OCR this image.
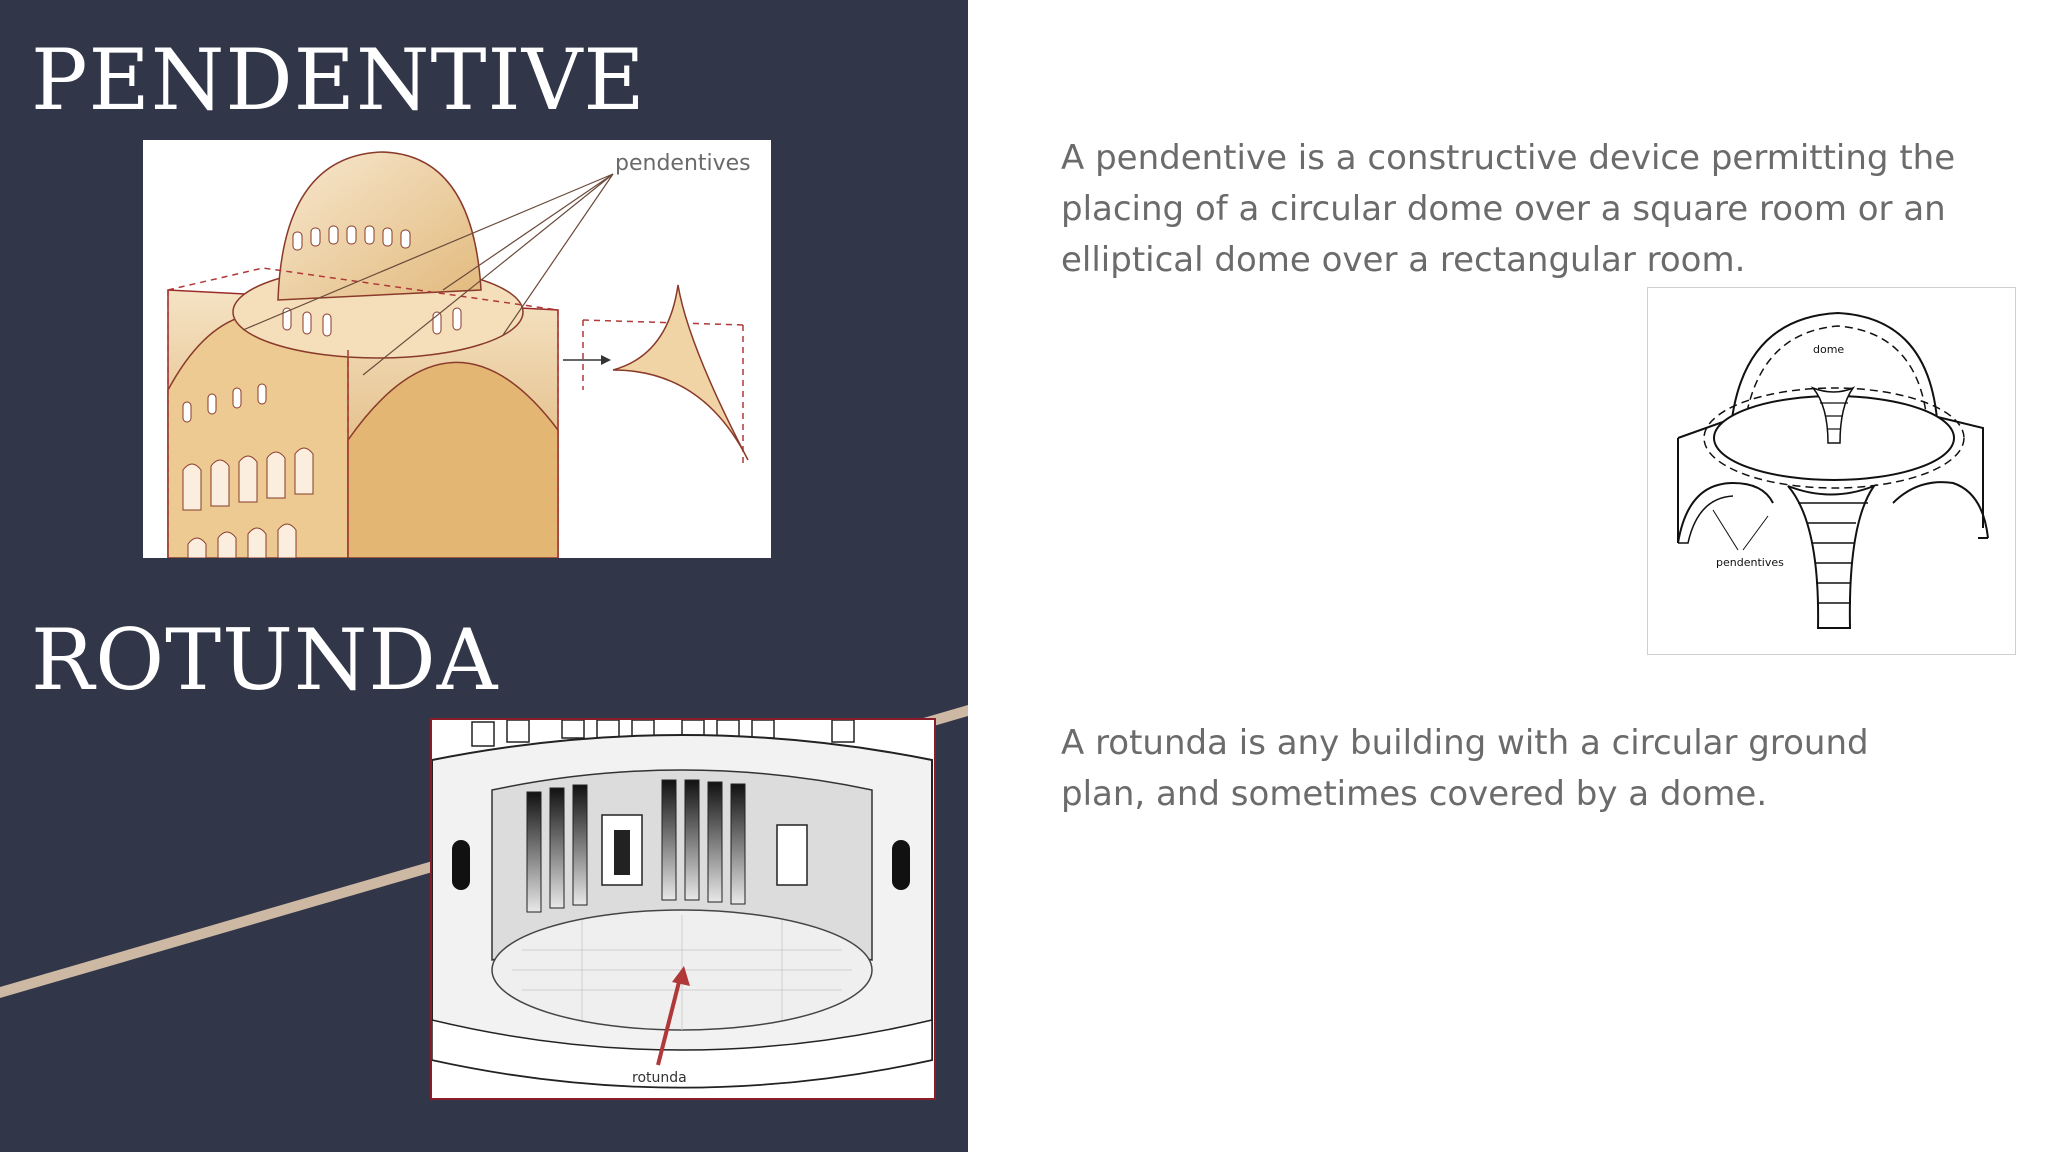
PENDENTIVE
pendentives
ROTUNDA
rotunda

A pendentive is a constructive device permitting the placing of a circular dome over a square room or an elliptical dome over a rectangular room.

dome
pendentives

A rotunda is any building with a circular ground plan, and sometimes covered by a dome.
